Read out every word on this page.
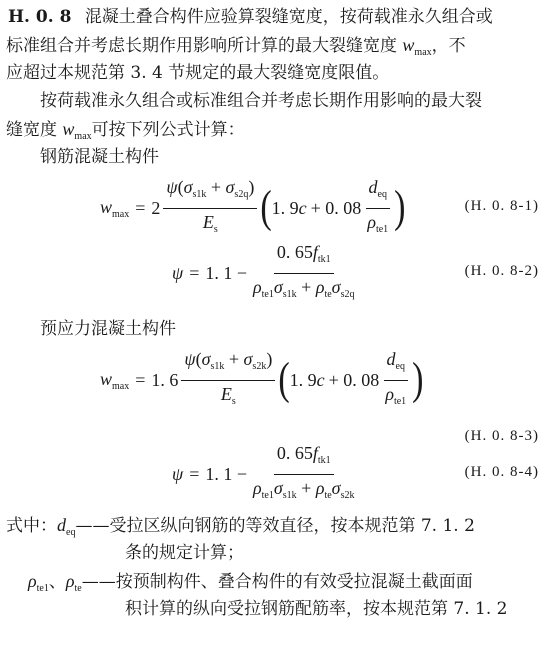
H. 0. 8 混凝土叠合构件应验算裂缝宽度，按荷载准永久组合或
标准组合并考虑长期作用影响所计算的最大裂缝宽度 $w_{max}$，不
应超过本规范第 3. 4 节规定的最大裂缝宽度限值。
按荷载准永久组合或标准组合并考虑长期作用影响的最大裂
缝宽度 $w_{max}$可按下列公式计算：
钢筋混凝土构件
$w_{max} = 2 \frac{\psi(\sigma_{s1k} + \sigma_{s2q})}{E_s}$ ( 1. 9 c + 0. $08 \frac{d_{eq}}{\rho_{te1}}$ )	(H. 0. 8-1)
ψ = 1. $1 - \frac{0. 65f_{tk1}}{\rho_{te1}\sigma_{s1k} + \rho_{te}\sigma_{s2q}}$	(H. 0. 8-2)
预应力混凝土构件
$w_{max} = 1$. $6 \frac{\psi(\sigma_{s1k} + \sigma_{s2k})}{E_s}$ ( 1. 9 c + 0. $08 \frac{d_{eq}}{\rho_{te1}}$ )
(H. 0. 8-3)
ψ = 1. $1 - \frac{0. 65f_{tk1}}{\rho_{te1}\sigma_{s1k} + \rho_{te}\sigma_{s2k}}$	(H. 0. 8-4)
式中：$d_{eq}——$受拉区纵向钢筋的等效直径，按本规范第 7. 1. 2
条的规定计算；
$\rho_{te1}$、$\rho_{te}——$按预制构件、叠合构件的有效受拉混凝土截面面
积计算的纵向受拉钢筋配筋率，按本规范第 7. 1. 2
